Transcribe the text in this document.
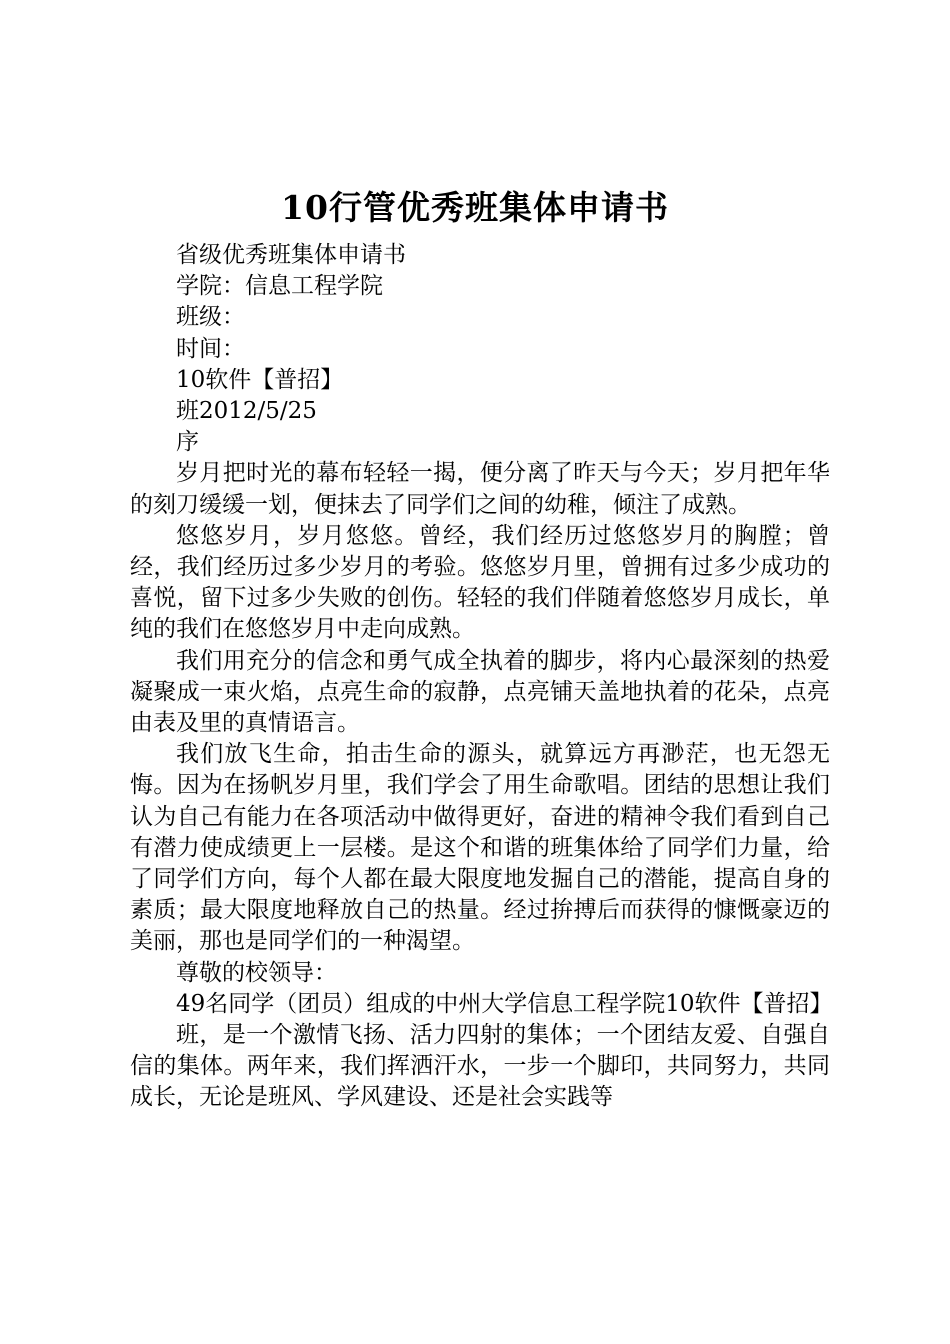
10行管优秀班集体申请书

省级优秀班集体申请书

学院：信息工程学院

班级：

时间：

10软件【普招】

班2012/5/25

序

岁月把时光的幕布轻轻一揭，便分离了昨天与今天；岁月把年华的刻刀缓缓一划，便抹去了同学们之间的幼稚，倾注了成熟。

悠悠岁月，岁月悠悠。曾经，我们经历过悠悠岁月的胸膛；曾经，我们经历过多少岁月的考验。悠悠岁月里，曾拥有过多少成功的喜悦，留下过多少失败的创伤。轻轻的我们伴随着悠悠岁月成长，单纯的我们在悠悠岁月中走向成熟。

我们用充分的信念和勇气成全执着的脚步，将内心最深刻的热爱凝聚成一束火焰，点亮生命的寂静，点亮铺天盖地执着的花朵，点亮由表及里的真情语言。

我们放飞生命，拍击生命的源头，就算远方再渺茫，也无怨无悔。因为在扬帆岁月里，我们学会了用生命歌唱。团结的思想让我们认为自己有能力在各项活动中做得更好，奋进的精神令我们看到自己有潜力使成绩更上一层楼。是这个和谐的班集体给了同学们力量，给了同学们方向，每个人都在最大限度地发掘自己的潜能，提高自身的素质；最大限度地释放自己的热量。经过拚搏后而获得的慷慨豪迈的美丽，那也是同学们的一种渴望。

尊敬的校领导：

49名同学（团员）组成的中州大学信息工程学院10软件【普招】

班，是一个激情飞扬、活力四射的集体；一个团结友爱、自强自信的集体。两年来，我们挥洒汗水，一步一个脚印，共同努力，共同成长，无论是班风、学风建设、还是社会实践等
